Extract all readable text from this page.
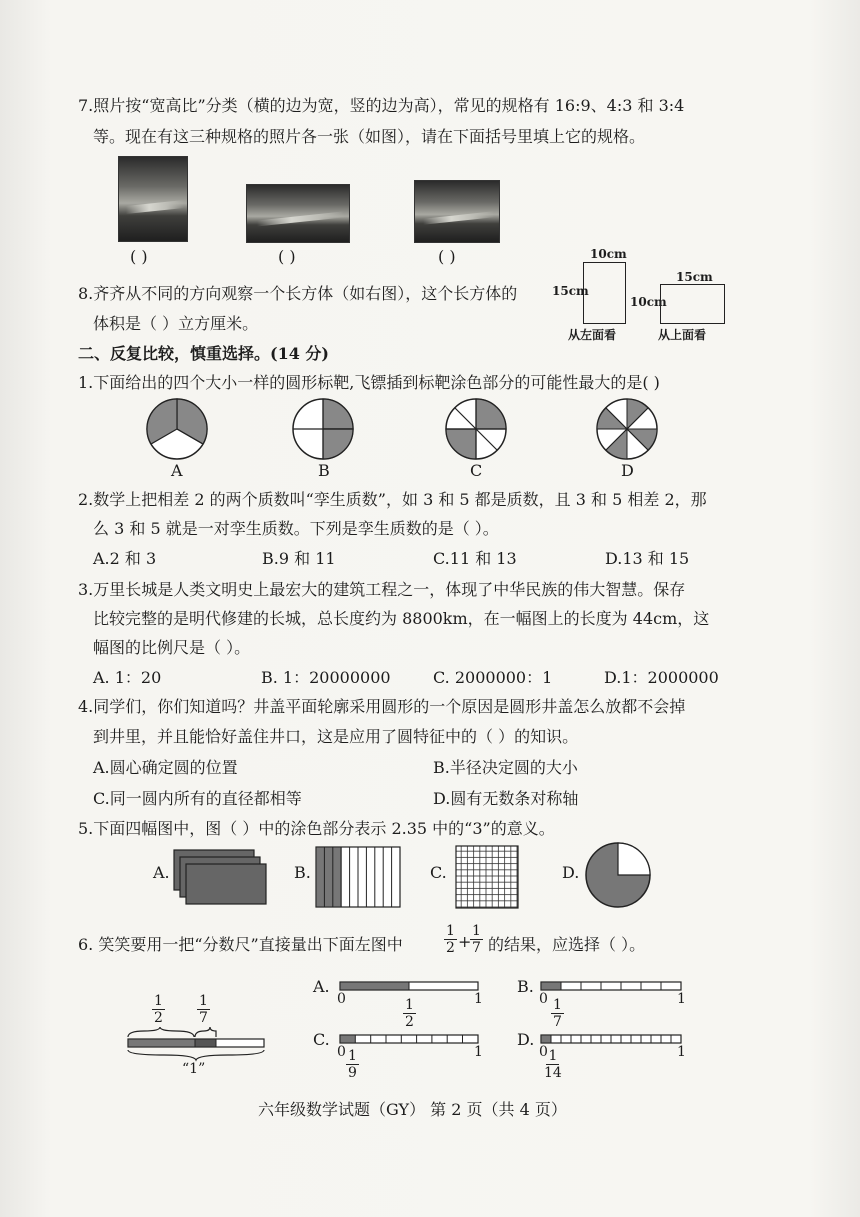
7.照片按“宽高比”分类（横的边为宽，竖的边为高），常见的规格有 16:9、4:3 和 3:4
等。现在有这三种规格的照片各一张（如图），请在下面括号里填上它的规格。
( )	( )	( )
8.齐齐从不同的方向观察一个长方体（如右图），这个长方体的
体积是（ ）立方厘米。
10cm
15cm
从左面看
15cm
10cm
从上面看
二、反复比较，慎重选择。(14 分)
1.下面给出的四个大小一样的圆形标靶,飞镖插到标靶涂色部分的可能性最大的是( )
A	B	C	D
2.数学上把相差 2 的两个质数叫“孪生质数”，如 3 和 5 都是质数，且 3 和 5 相差 2，那
么 3 和 5 就是一对孪生质数。下列是孪生质数的是（ ）。
A.2 和 3	B.9 和 11	C.11 和 13	D.13 和 15
3.万里长城是人类文明史上最宏大的建筑工程之一，体现了中华民族的伟大智慧。保存
比较完整的是明代修建的长城，总长度约为 8800km，在一幅图上的长度为 44cm，这
幅图的比例尺是（ ）。
A. 1：20	B. 1：20000000	C. 2000000：1	D.1：2000000
4.同学们，你们知道吗？井盖平面轮廓采用圆形的一个原因是圆形井盖怎么放都不会掉
到井里，并且能恰好盖住井口，这是应用了圆特征中的（ ）的知识。
A.圆心确定圆的位置	B.半径决定圆的大小
C.同一圆内所有的直径都相等	D.圆有无数条对称轴
5.下面四幅图中，图（ ）中的涂色部分表示 2.35 中的“3”的意义。
A.	B.	C.	D.
6. 笑笑要用一把“分数尺”直接量出下面左图中	$\frac{1}{2}$ +
$\frac{1}{7}$ 的结果，应选择（ ）。
$\frac{1}{2} \frac{1}{7}$
“1”
A.
0	1
$\frac{1}{2}$
B.
0	1
$\frac{1}{7}$
C.
0	1
$\frac{1}{9}$
D.
0	1
$\frac{1}{14}$
六年级数学试题（GY） 第 2 页（共 4 页）
